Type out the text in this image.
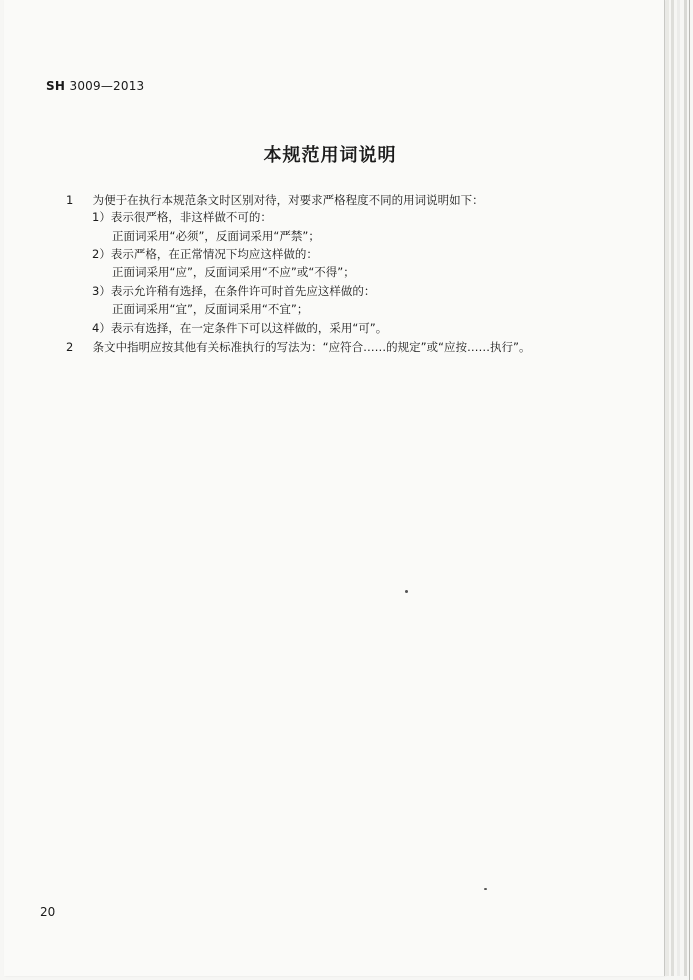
SH 3009—2013
本规范用词说明
1 为便于在执行本规范条文时区别对待，对要求严格程度不同的用词说明如下：
1）表示很严格，非这样做不可的：
正面词采用“必须”，反面词采用“严禁”；
2）表示严格，在正常情况下均应这样做的：
正面词采用“应”，反面词采用“不应”或“不得”；
3）表示允许稍有选择，在条件许可时首先应这样做的：
正面词采用“宜”，反面词采用“不宜”；
4）表示有选择，在一定条件下可以这样做的，采用“可”。
2 条文中指明应按其他有关标准执行的写法为：“应符合……的规定”或“应按……执行”。
20
